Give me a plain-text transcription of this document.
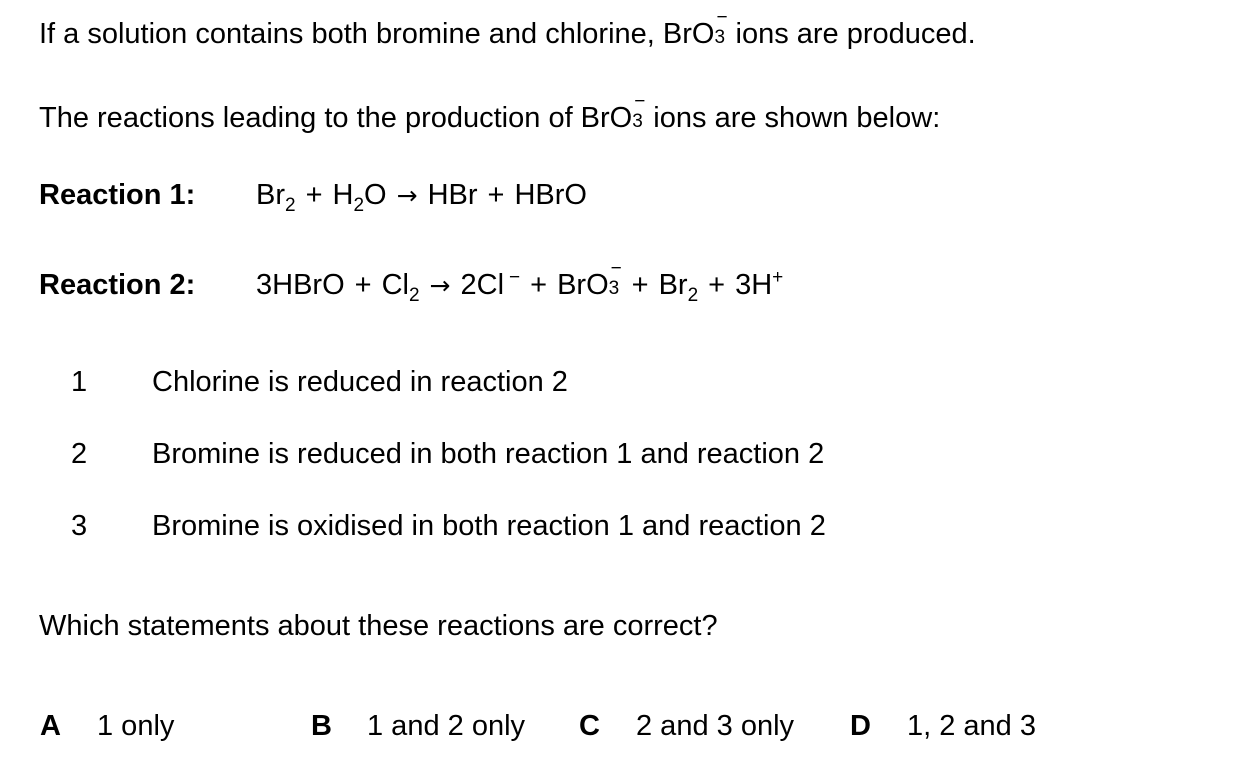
If a solution contains both bromine and chlorine, BrO 3
−
ions are produced.
The reactions leading to the production of BrO 3
−
ions are shown below:
Reaction 1: $Br_2 + H_2O$ → HBr + HBrO
Reaction 2: 3HBrO + $Cl_2 \to 2Cl$ − + BrO 3
−
+ $Br_2 + 3H^+$
1 Chlorine is reduced in reaction 2
2 Bromine is reduced in both reaction 1 and reaction 2
3 Bromine is oxidised in both reaction 1 and reaction 2
Which statements about these reactions are correct?
A 1 only	B 1 and 2 only C 2 and 3 only D 1, 2 and 3
